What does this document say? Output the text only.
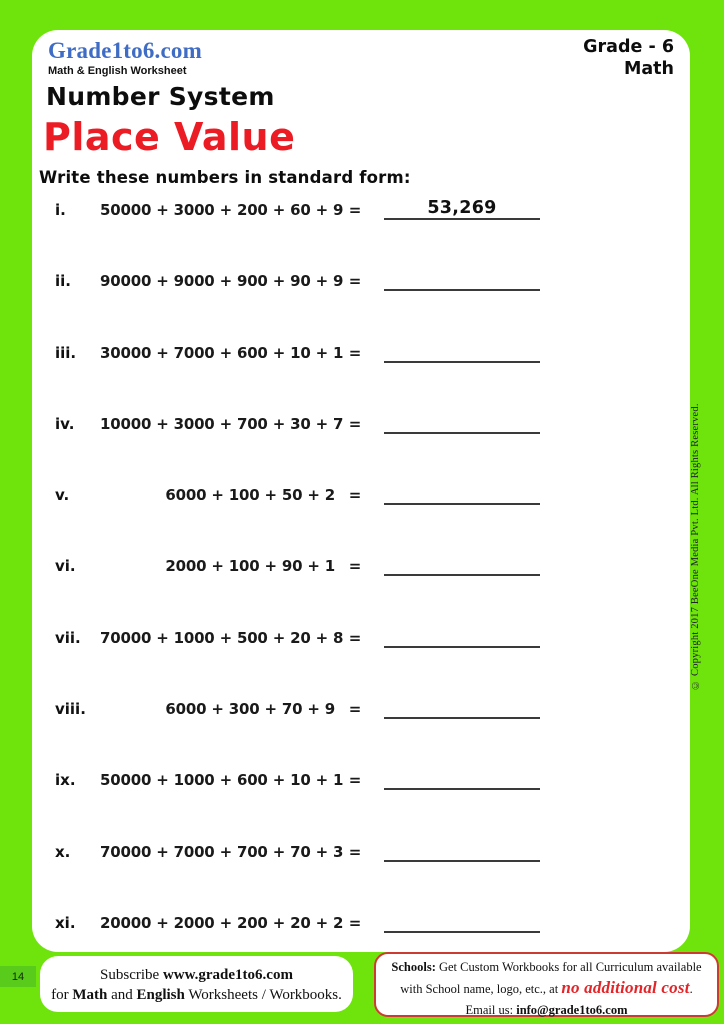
Grade1to6.com
Math & English Worksheet
Grade - 6
Math
Number System
Place Value
Write these numbers in standard form:
i.	50000 + 3000 + 200 + 60 + 9 =	53,269
ii.	90000 + 9000 + 900 + 90 + 9 =
iii.	30000 + 7000 + 600 + 10 + 1 =
iv.	10000 + 3000 + 700 + 30 + 7 =
v.	6000 + 100 + 50 + 2 =
vi.	2000 + 100 + 90 + 1 =
vii.	70000 + 1000 + 500 + 20 + 8 =
viii.	6000 + 300 + 70 + 9 =
ix.	50000 + 1000 + 600 + 10 + 1 =
x.	70000 + 7000 + 700 + 70 + 3 =
xi.	20000 + 2000 + 200 + 20 + 2 =
© Copyright 2017 BeeOne Media Pvt. Ltd. All Rights Reserved.
14	Subscribe www.grade1to6.com
for Math and English Worksheets / Workbooks.
Schools: Get Custom Workbooks for all Curriculum available
with School name, logo, etc., at no additional cost.
Email us: info@grade1to6.com
